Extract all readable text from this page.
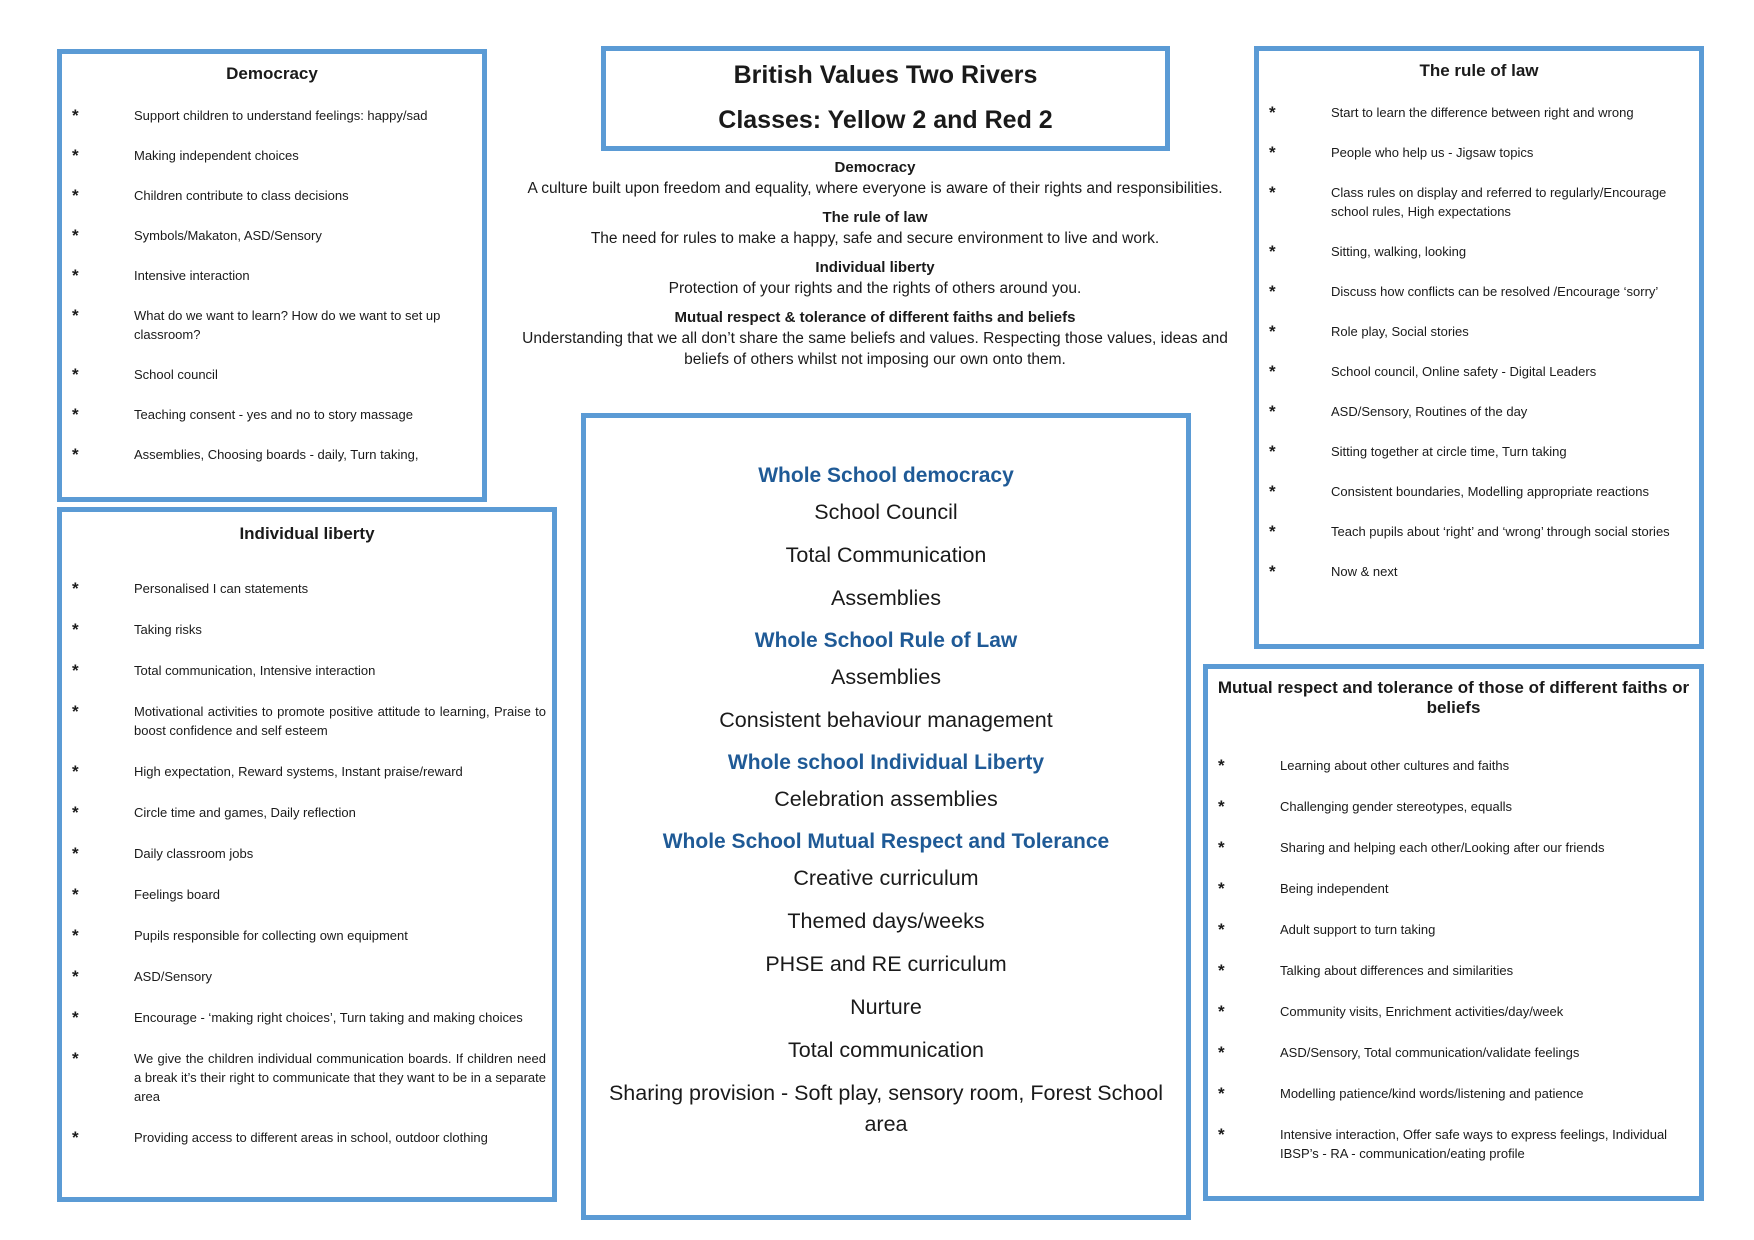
Democracy
*	Support children to understand feelings: happy/sad
*	Making independent choices
*	Children contribute to class decisions
*	Symbols/Makaton, ASD/Sensory
*	Intensive interaction
*	What do we want to learn? How do we want to set up classroom?
*	School council
*	Teaching consent - yes and no to story massage
*	Assemblies, Choosing boards - daily, Turn taking,
Individual liberty
*	Personalised I can statements
*	Taking risks
*	Total communication, Intensive interaction
*	Motivational activities to promote positive attitude to learning, Praise to boost confidence and self esteem
*	High expectation, Reward systems, Instant praise/reward
*	Circle time and games, Daily reflection
*	Daily classroom jobs
*	Feelings board
*	Pupils responsible for collecting own equipment
*	ASD/Sensory
*	Encourage - ‘making right choices’, Turn taking and making choices
*	We give the children individual communication boards. If children need a break it’s their right to communicate that they want to be in a separate area
*	Providing access to different areas in school, outdoor clothing
British Values Two Rivers
Classes: Yellow 2 and Red 2
Democracy
A culture built upon freedom and equality, where everyone is aware of their rights and responsibilities.
The rule of law
The need for rules to make a happy, safe and secure environment to live and work.
Individual liberty
Protection of your rights and the rights of others around you.
Mutual respect & tolerance of different faiths and beliefs
Understanding that we all don’t share the same beliefs and values. Respecting those values, ideas and beliefs of others whilst not imposing our own onto them.
Whole School democracy
School Council
Total Communication
Assemblies
Whole School Rule of Law
Assemblies
Consistent behaviour management
Whole school Individual Liberty
Celebration assemblies
Whole School Mutual Respect and Tolerance
Creative curriculum
Themed days/weeks
PHSE and RE curriculum
Nurture
Total communication
Sharing provision - Soft play, sensory room, Forest School area
The rule of law
*	Start to learn the difference between right and wrong
*	People who help us - Jigsaw topics
*	Class rules on display and referred to regularly/Encourage school rules, High expectations
*	Sitting, walking, looking
*	Discuss how conflicts can be resolved /Encourage ‘sorry’
*	Role play, Social stories
*	School council, Online safety - Digital Leaders
*	ASD/Sensory, Routines of the day
*	Sitting together at circle time, Turn taking
*	Consistent boundaries, Modelling appropriate reactions
*	Teach pupils about ‘right’ and ‘wrong’ through social stories
*	Now & next
Mutual respect and tolerance of those of different faiths or beliefs
*	Learning about other cultures and faiths
*	Challenging gender stereotypes, equalls
*	Sharing and helping each other/Looking after our friends
*	Being independent
*	Adult support to turn taking
*	Talking about differences and similarities
*	Community visits, Enrichment activities/day/week
*	ASD/Sensory, Total communication/validate feelings
*	Modelling patience/kind words/listening and patience
*	Intensive interaction, Offer safe ways to express feelings, Individual IBSP’s - RA - communication/eating profile
